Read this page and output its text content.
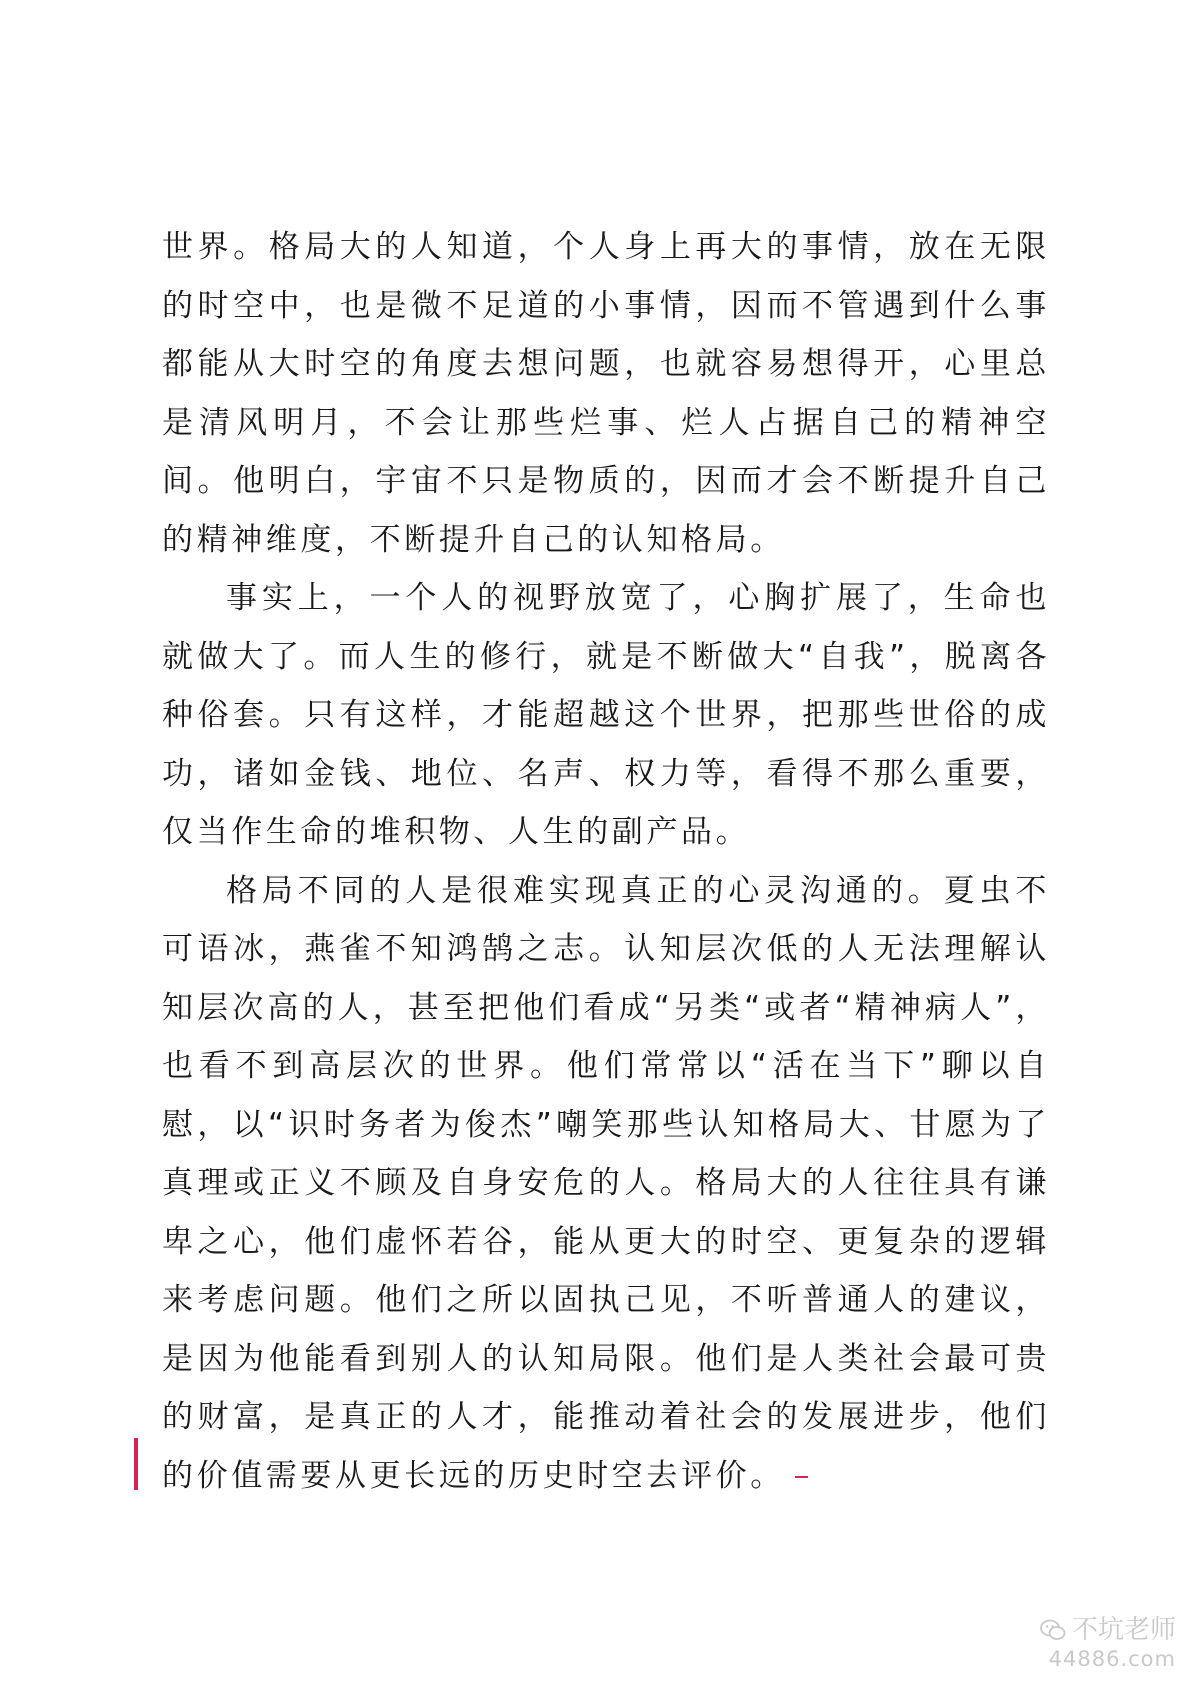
世界。格局大的人知道，个人身上再大的事情，放在无限的时空中，也是微不足道的小事情，因而不管遇到什么事都能从大时空的角度去想问题，也就容易想得开，心里总是清风明月，不会让那些烂事、烂人占据自己的精神空间。他明白，宇宙不只是物质的，因而才会不断提升自己的精神维度，不断提升自己的认知格局。

事实上，一个人的视野放宽了，心胸扩展了，生命也就做大了。而人生的修行，就是不断做大“自我”，脱离各种俗套。只有这样，才能超越这个世界，把那些世俗的成功，诸如金钱、地位、名声、权力等，看得不那么重要，仅当作生命的堆积物、人生的副产品。

格局不同的人是很难实现真正的心灵沟通的。夏虫不可语冰，燕雀不知鸿鹄之志。认知层次低的人无法理解认知层次高的人，甚至把他们看成“另类“或者“精神病人”，也看不到高层次的世界。他们常常以“活在当下”聊以自慰，以“识时务者为俊杰”嘲笑那些认知格局大、甘愿为了真理或正义不顾及自身安危的人。格局大的人往往具有谦卑之心，他们虚怀若谷，能从更大的时空、更复杂的逻辑来考虑问题。他们之所以固执己见，不听普通人的建议，是因为他能看到别人的认知局限。他们是人类社会最可贵的财富，是真正的人才，能推动着社会的发展进步，他们的价值需要从更长远的历史时空去评价。

不坑老师
44886.com
